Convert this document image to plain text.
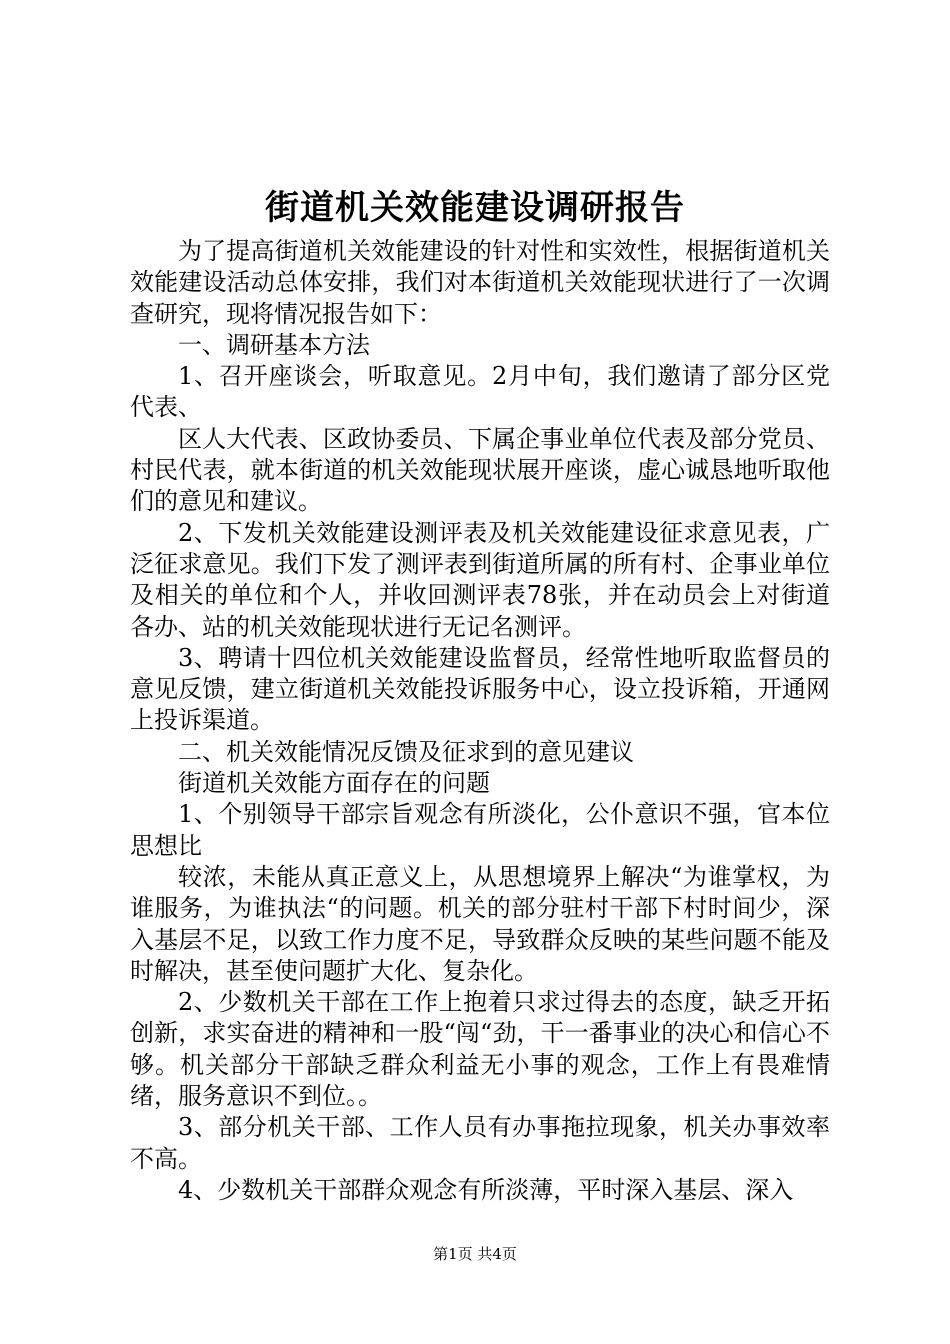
街道机关效能建设调研报告

为了提高街道机关效能建设的针对性和实效性，根据街道机关效能建设活动总体安排，我们对本街道机关效能现状进行了一次调查研究，现将情况报告如下：

一、调研基本方法

1、召开座谈会，听取意见。2月中旬，我们邀请了部分区党代表、

区人大代表、区政协委员、下属企事业单位代表及部分党员、村民代表，就本街道的机关效能现状展开座谈，虚心诚恳地听取他们的意见和建议。

2、下发机关效能建设测评表及机关效能建设征求意见表，广泛征求意见。我们下发了测评表到街道所属的所有村、企事业单位及相关的单位和个人，并收回测评表78张，并在动员会上对街道各办、站的机关效能现状进行无记名测评。

3、聘请十四位机关效能建设监督员，经常性地听取监督员的意见反馈，建立街道机关效能投诉服务中心，设立投诉箱，开通网上投诉渠道。

二、机关效能情况反馈及征求到的意见建议

街道机关效能方面存在的问题

1、个别领导干部宗旨观念有所淡化，公仆意识不强，官本位思想比

较浓，未能从真正意义上，从思想境界上解决“为谁掌权，为谁服务，为谁执法“的问题。机关的部分驻村干部下村时间少，深入基层不足，以致工作力度不足，导致群众反映的某些问题不能及时解决，甚至使问题扩大化、复杂化。

2、少数机关干部在工作上抱着只求过得去的态度，缺乏开拓创新，求实奋进的精神和一股“闯“劲，干一番事业的决心和信心不够。机关部分干部缺乏群众利益无小事的观念，工作上有畏难情绪，服务意识不到位。。

3、部分机关干部、工作人员有办事拖拉现象，机关办事效率不高。

4、少数机关干部群众观念有所淡薄，平时深入基层、深入

第1页 共4页
